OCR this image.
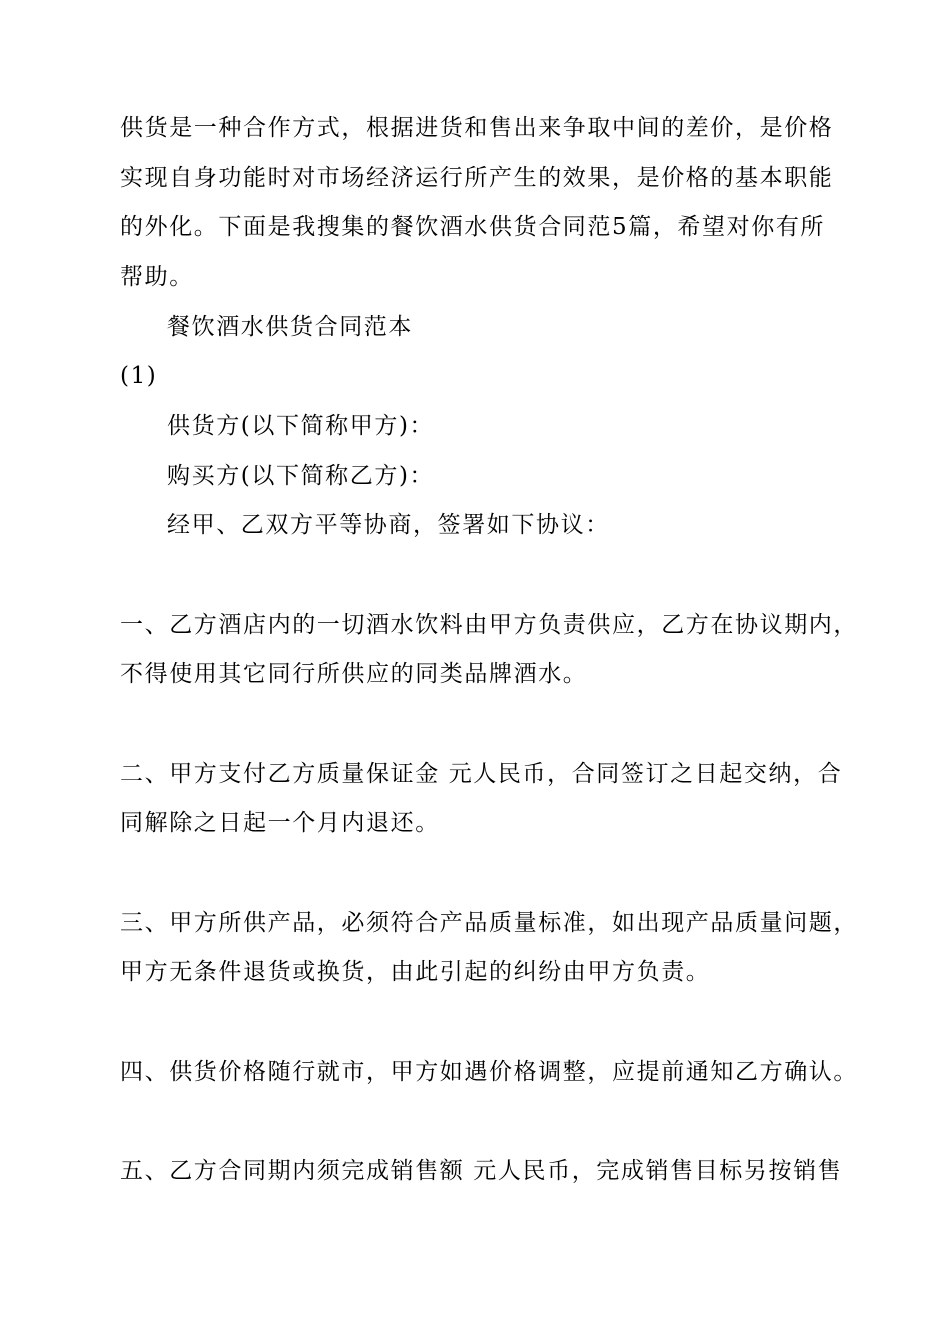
供货是一种合作方式，根据进货和售出来争取中间的差价，是价格
实现自身功能时对市场经济运行所产生的效果，是价格的基本职能
的外化。下面是我搜集的餐饮酒水供货合同范5篇，希望对你有所
帮助。
餐饮酒水供货合同范本
(1)
供货方(以下简称甲方)：
购买方(以下简称乙方)：
经甲、乙双方平等协商，签署如下协议：
一、乙方酒店内的一切酒水饮料由甲方负责供应，乙方在协议期内，
不得使用其它同行所供应的同类品牌酒水。
二、甲方支付乙方质量保证金 元人民币，合同签订之日起交纳，合
同解除之日起一个月内退还。
三、甲方所供产品，必须符合产品质量标准，如出现产品质量问题，
甲方无条件退货或换货，由此引起的纠纷由甲方负责。
四、供货价格随行就市，甲方如遇价格调整，应提前通知乙方确认。
五、乙方合同期内须完成销售额 元人民币，完成销售目标另按销售
